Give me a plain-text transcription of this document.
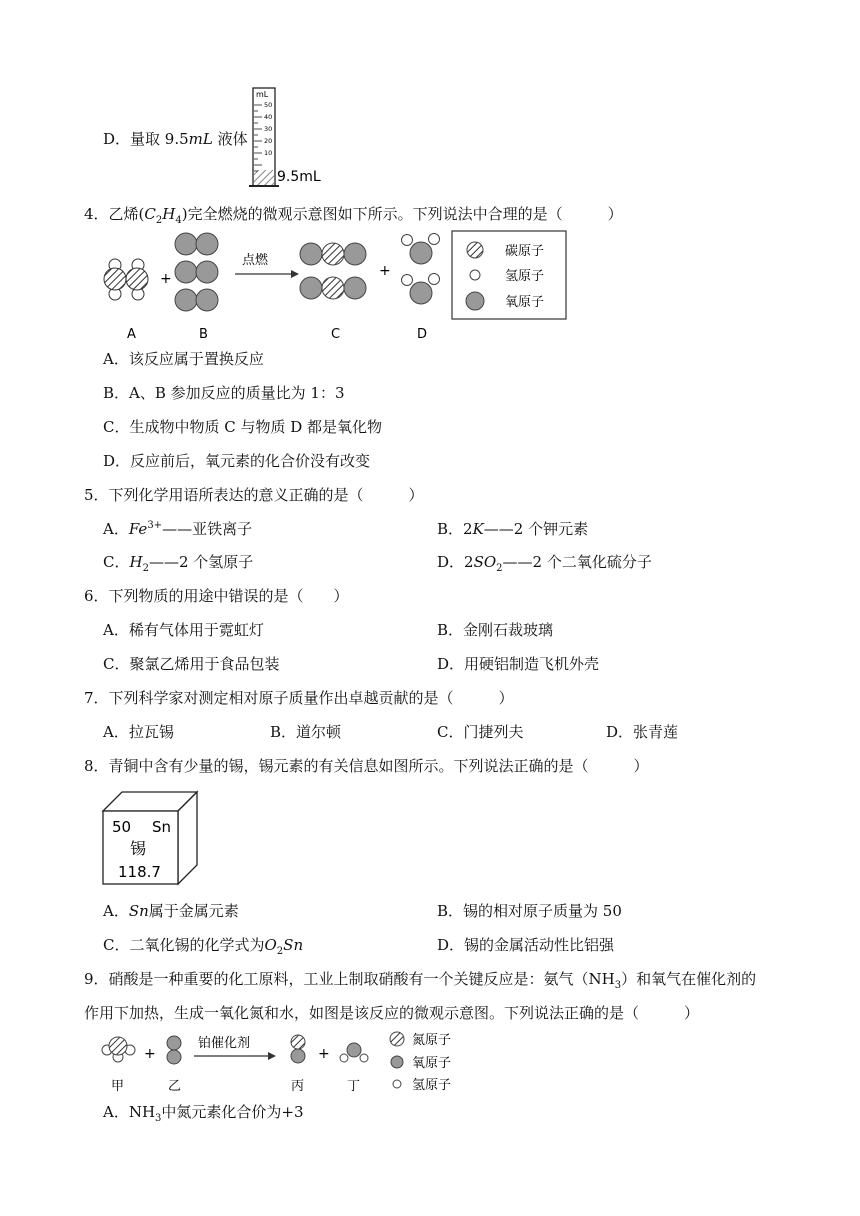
D．量取 9.5mL 液体
mL
50
40
30
20
10
9.5mL
4．乙烯$(C_2H_4)$完全燃烧的微观示意图如下所示。下列说法中合理的是（　　　）
+
点燃
+
碳原子
氢原子
氧原子
A	B	C	D
A．该反应属于置换反应
B．A、B 参加反应的质量比为 1：3
C．生成物中物质 C 与物质 D 都是氧化物
D．反应前后，氧元素的化合价没有改变
5．下列化学用语所表达的意义正确的是（　　　）
A．$Fe^{3+}——$亚铁离子	B．2K——2 个钾元素
C．$H_2——2$ 个氢原子	D．$2SO_2——2$ 个二氧化硫分子
6．下列物质的用途中错误的是（　　）
A．稀有气体用于霓虹灯	B．金刚石裁玻璃
C．聚氯乙烯用于食品包装	D．用硬铝制造飞机外壳
7．下列科学家对测定相对原子质量作出卓越贡献的是（　　　）
A．拉瓦锡	B．道尔顿	C．门捷列夫	D．张青莲
8．青铜中含有少量的锡，锡元素的有关信息如图所示。下列说法正确的是（　　　）
50 Sn
锡
118.7
A．Sn属于金属元素	B．锡的相对原子质量为 50
C．二氧化锡的化学式为$O_2Sn$	D．锡的金属活动性比铝强
9．硝酸是一种重要的化工原料，工业上制取硝酸有一个关键反应是：氨气$(NH_3)$和氧气在催化剂的
作用下加热，生成一氧化氮和水，如图是该反应的微观示意图。下列说法正确的是（　　　）
+
铂催化剂
+
氮原子
氧原子
氢原子
甲	乙	丙	丁
A．$NH_3$中氮元素化合价为+3
